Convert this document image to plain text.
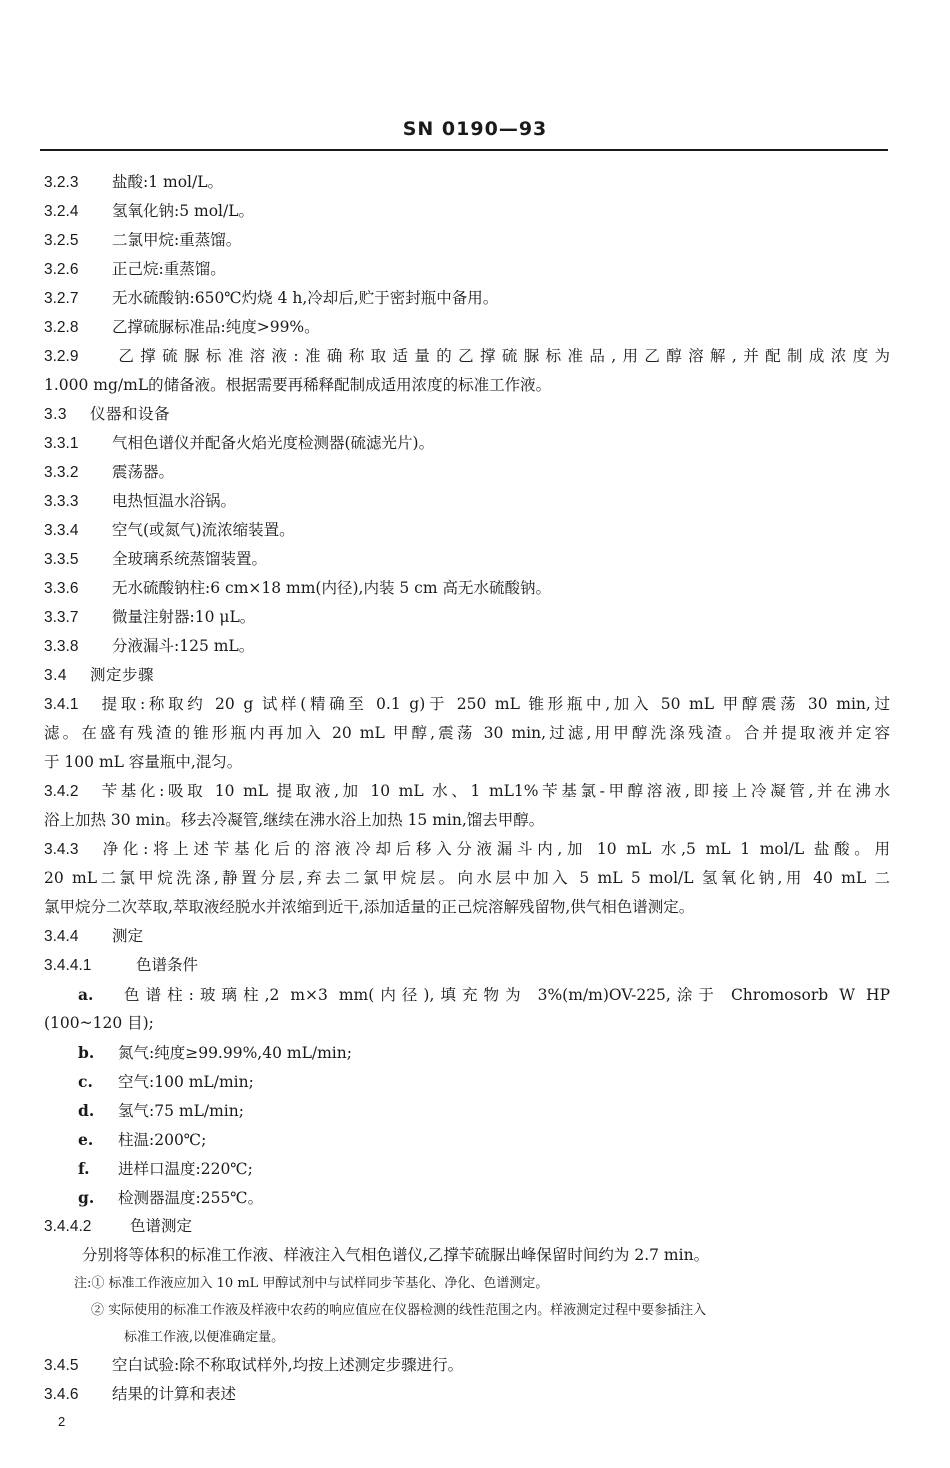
SN 0190—93
3.2.3 盐酸:1 mol/L。
3.2.4 氢氧化钠:5 mol/L。
3.2.5 二氯甲烷:重蒸馏。
3.2.6 正己烷:重蒸馏。
3.2.7 无水硫酸钠:650℃灼烧 4 h,冷却后,贮于密封瓶中备用。
3.2.8 乙撑硫脲标准品:纯度>99%。
3.2.9 乙撑硫脲标准溶液:准确称取适量的乙撑硫脲标准品,用乙醇溶解,并配制成浓度为
1.000 mg/mL的储备液。根据需要再稀释配制成适用浓度的标准工作液。
3.3 仪器和设备
3.3.1 气相色谱仪并配备火焰光度检测器(硫滤光片)。
3.3.2 震荡器。
3.3.3 电热恒温水浴锅。
3.3.4 空气(或氮气)流浓缩装置。
3.3.5 全玻璃系统蒸馏装置。
3.3.6 无水硫酸钠柱:6 cm×18 mm(内径),内装 5 cm 高无水硫酸钠。
3.3.7 微量注射器:10 μL。
3.3.8 分液漏斗:125 mL。
3.4 测定步骤
3.4.1 提取:称取约 20 g 试样(精确至 0.1 g)于 250 mL 锥形瓶中,加入 50 mL 甲醇震荡 30 min,过
滤。在盛有残渣的锥形瓶内再加入 20 mL 甲醇,震荡 30 min,过滤,用甲醇洗涤残渣。合并提取液并定容
于 100 mL 容量瓶中,混匀。
3.4.2 苄基化:吸取 10 mL 提取液,加 10 mL 水、1 mL1%苄基氯-甲醇溶液,即接上冷凝管,并在沸水
浴上加热 30 min。移去冷凝管,继续在沸水浴上加热 15 min,馏去甲醇。
3.4.3 净化:将上述苄基化后的溶液冷却后移入分液漏斗内,加 10 mL 水,5 mL 1 mol/L 盐酸。用
20 mL二氯甲烷洗涤,静置分层,弃去二氯甲烷层。向水层中加入 5 mL 5 mol/L 氢氧化钠,用 40 mL 二
氯甲烷分二次萃取,萃取液经脱水并浓缩到近干,添加适量的正己烷溶解残留物,供气相色谱测定。
3.4.4 测定
3.4.4.1	色谱条件
a. 色谱柱:玻璃柱,2 m×3 mm(内径),填充物为 3%(m/m)OV-225,涂于 Chromosorb W HP
(100~120 目);
b. 氮气:纯度≥99.99%,40 mL/min;
c. 空气:100 mL/min;
d. 氢气:75 mL/min;
e. 柱温:200℃;
f. 进样口温度:220℃;
g. 检测器温度:255℃。
3.4.4.2 色谱测定
分别将等体积的标准工作液、样液注入气相色谱仪,乙撑苄硫脲出峰保留时间约为 2.7 min。
注:① 标准工作液应加入 10 mL 甲醇试剂中与试样同步苄基化、净化、色谱测定。
② 实际使用的标准工作液及样液中农药的响应值应在仪器检测的线性范围之内。样液测定过程中要参插注入
标准工作液,以便准确定量。
3.4.5 空白试验:除不称取试样外,均按上述测定步骤进行。
3.4.6 结果的计算和表述
2
